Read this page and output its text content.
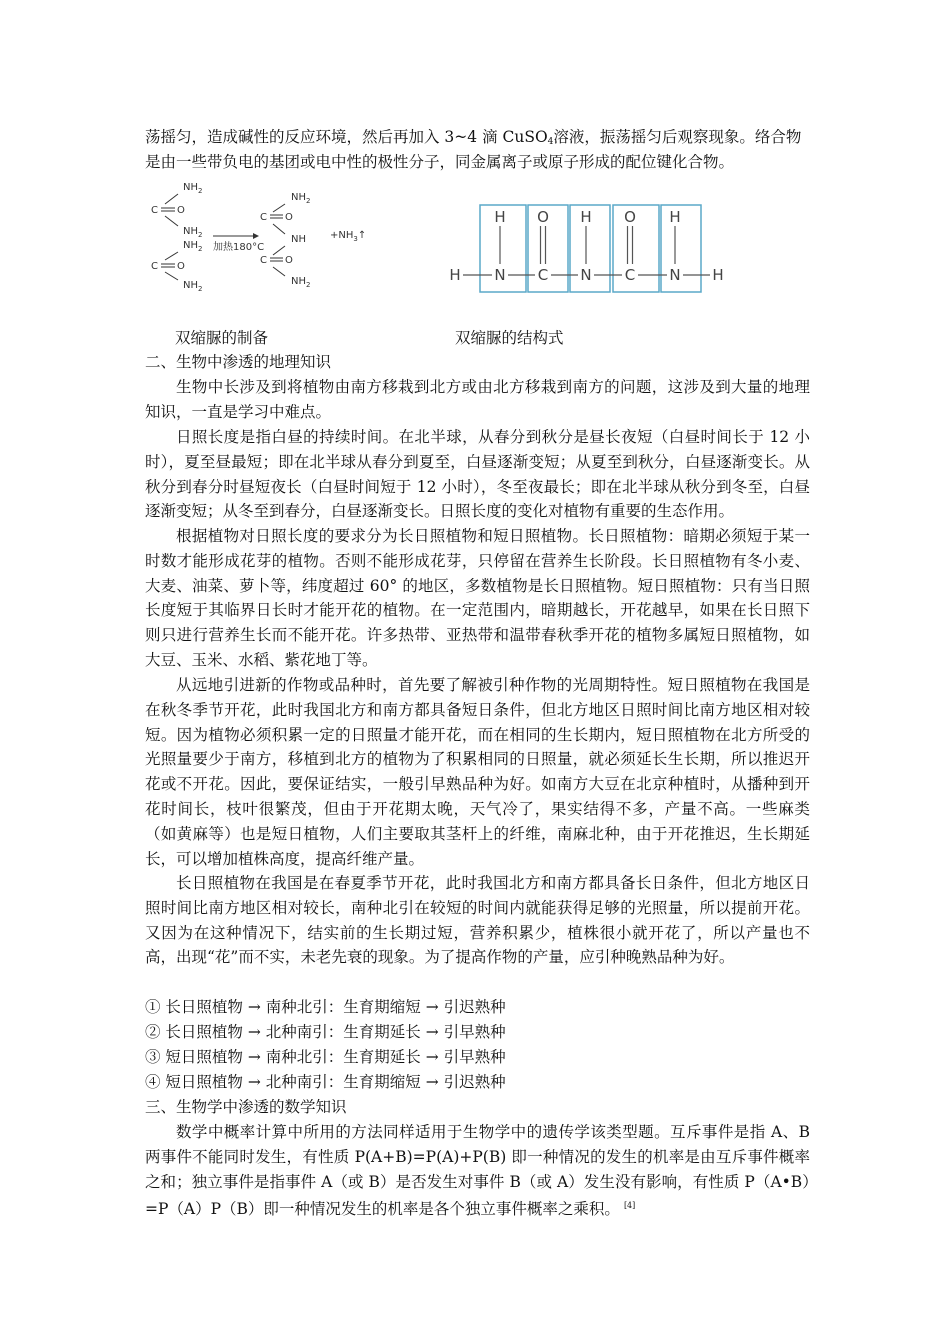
荡摇匀，造成碱性的反应环境，然后再加入 3~4 滴 CuSO$_4$溶液，振荡摇匀后观察现象。络合物
是由一些带负电的基团或电中性的极性分子，同金属离子或原子形成的配位键化合物。
$NH_2$
C O
$NH_2$
$NH_2$
C O
$NH_2$
加热180°C
$NH_2$
C O
NH
C O
$NH_2$
$+NH_3↑$
H N C N C N H
H O H O H
双缩脲的制备	双缩脲的结构式
二、生物中渗透的地理知识

生物中长涉及到将植物由南方移栽到北方或由北方移栽到南方的问题，这涉及到大量的地理知识，一直是学习中难点。

日照长度是指白昼的持续时间。在北半球，从春分到秋分是昼长夜短（白昼时间长于 12 小时），夏至昼最短；即在北半球从春分到夏至，白昼逐渐变短；从夏至到秋分，白昼逐渐变长。从秋分到春分时昼短夜长（白昼时间短于 12 小时），冬至夜最长；即在北半球从秋分到冬至，白昼逐渐变短；从冬至到春分，白昼逐渐变长。日照长度的变化对植物有重要的生态作用。

根据植物对日照长度的要求分为长日照植物和短日照植物。长日照植物：暗期必须短于某一时数才能形成花芽的植物。否则不能形成花芽，只停留在营养生长阶段。长日照植物有冬小麦、大麦、油菜、萝卜等，纬度超过 60° 的地区，多数植物是长日照植物。短日照植物：只有当日照长度短于其临界日长时才能开花的植物。在一定范围内，暗期越长，开花越早，如果在长日照下则只进行营养生长而不能开花。许多热带、亚热带和温带春秋季开花的植物多属短日照植物，如大豆、玉米、水稻、紫花地丁等。

从远地引进新的作物或品种时，首先要了解被引种作物的光周期特性。短日照植物在我国是在秋冬季节开花，此时我国北方和南方都具备短日条件，但北方地区日照时间比南方地区相对较短。因为植物必须积累一定的日照量才能开花，而在相同的生长期内，短日照植物在北方所受的光照量要少于南方，移植到北方的植物为了积累相同的日照量，就必须延长生长期，所以推迟开花或不开花。因此，要保证结实，一般引早熟品种为好。如南方大豆在北京种植时，从播种到开花时间长，枝叶很繁茂，但由于开花期太晚，天气冷了，果实结得不多，产量不高。一些麻类（如黄麻等）也是短日植物，人们主要取其茎杆上的纤维，南麻北种，由于开花推迟，生长期延长，可以增加植株高度，提高纤维产量。

长日照植物在我国是在春夏季节开花，此时我国北方和南方都具备长日条件，但北方地区日照时间比南方地区相对较长，南种北引在较短的时间内就能获得足够的光照量，所以提前开花。又因为在这种情况下，结实前的生长期过短，营养积累少，植株很小就开花了，所以产量也不高，出现“花”而不实，未老先衰的现象。为了提高作物的产量，应引种晚熟品种为好。

① 长日照植物 → 南种北引：生育期缩短 → 引迟熟种
② 长日照植物 → 北种南引：生育期延长 → 引早熟种
③ 短日照植物 → 南种北引：生育期延长 → 引早熟种
④ 短日照植物 → 北种南引：生育期缩短 → 引迟熟种
三、生物学中渗透的数学知识

数学中概率计算中所用的方法同样适用于生物学中的遗传学该类型题。互斥事件是指 A、B 两事件不能同时发生，有性质 P(A+B)=P(A)+P(B) 即一种情况的发生的机率是由互斥事件概率之和；独立事件是指事件 A（或 B）是否发生对事件 B（或 A）发生没有影响，有性质 P（A•B）=P（A）P（B）即一种情况发生的机率是各个独立事件概率之乘积。 [4]
